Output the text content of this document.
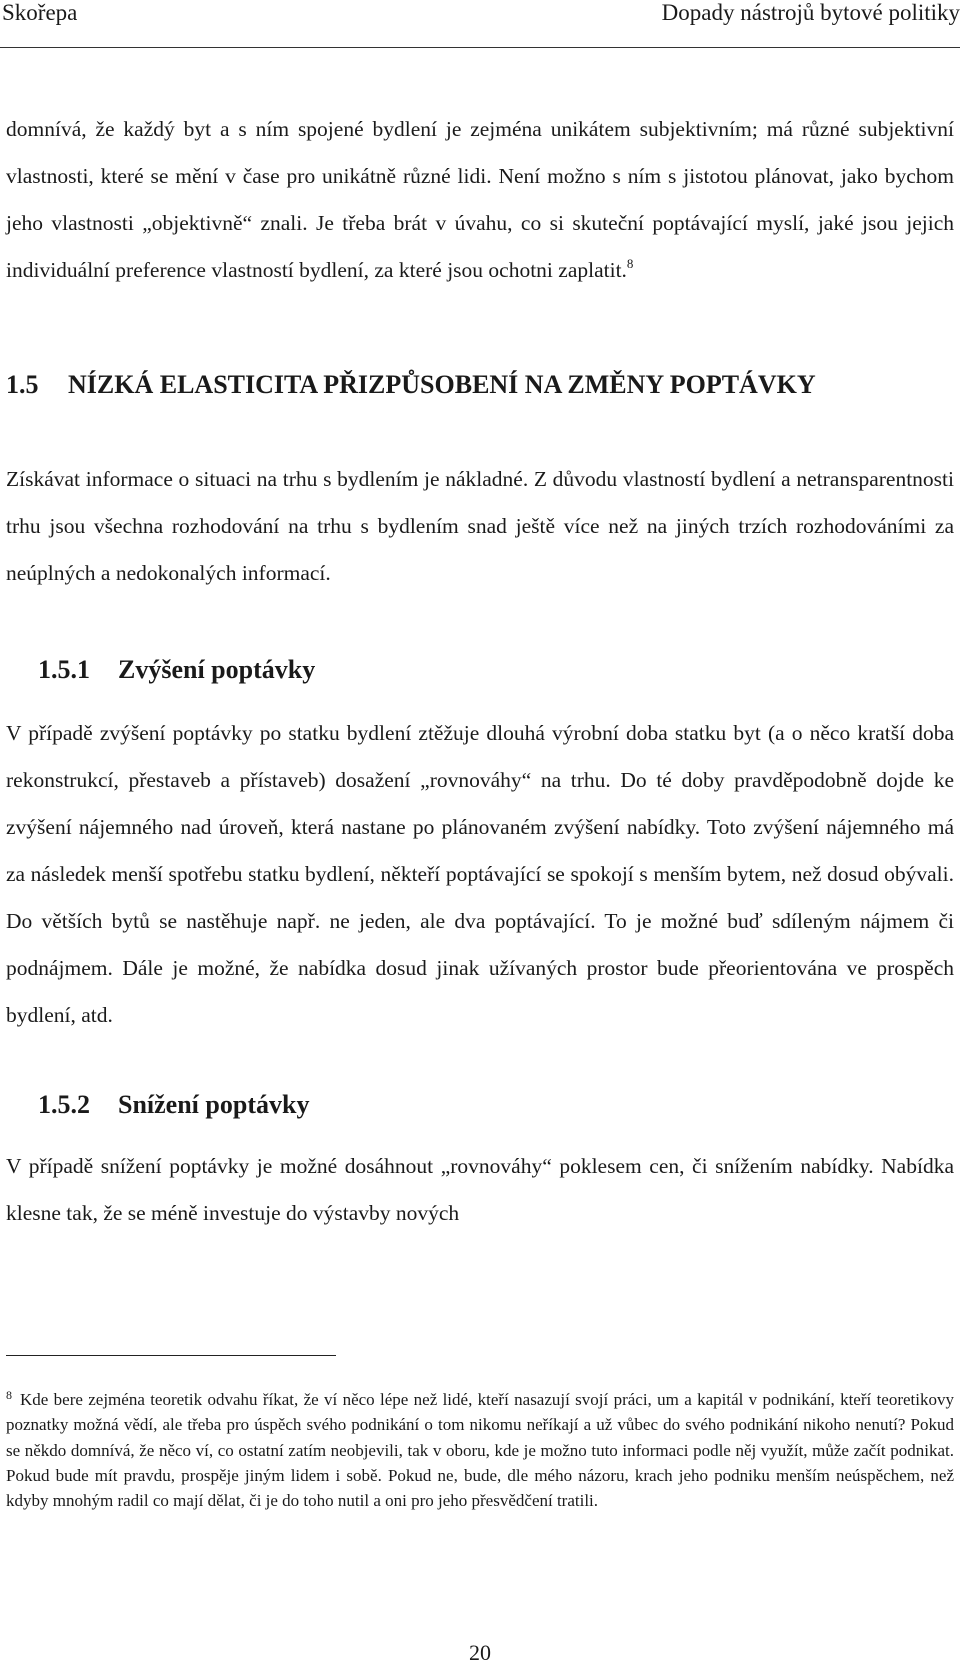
Skořepa	Dopady nástrojů bytové politiky

domnívá, že každý byt a s ním spojené bydlení je zejména unikátem subjektivním; má různé subjektivní vlastnosti, které se mění v čase pro unikátně různé lidi. Není možno s ním s jistotou plánovat, jako bychom jeho vlastnosti „objektivně“ znali. Je třeba brát v úvahu, co si skuteční poptávající myslí, jaké jsou jejich individuální preference vlastností bydlení, za které jsou ochotni zaplatit.$^8$

1.5 NÍZKÁ ELASTICITA PŘIZPŮSOBENÍ NA ZMĚNY POPTÁVKY

Získávat informace o situaci na trhu s bydlením je nákladné. Z důvodu vlastností bydlení a netransparentnosti trhu jsou všechna rozhodování na trhu s bydlením snad ještě více než na jiných trzích rozhodováními za neúplných a nedokonalých informací.

1.5.1 Zvýšení poptávky

V případě zvýšení poptávky po statku bydlení ztěžuje dlouhá výrobní doba statku byt (a o něco kratší doba rekonstrukcí, přestaveb a přístaveb) dosažení „rovnováhy“ na trhu. Do té doby pravděpodobně dojde ke zvýšení nájemného nad úroveň, která nastane po plánovaném zvýšení nabídky. Toto zvýšení nájemného má za následek menší spotřebu statku bydlení, někteří poptávající se spokojí s menším bytem, než dosud obývali. Do větších bytů se nastěhuje např. ne jeden, ale dva poptávající. To je možné buď sdíleným nájmem či podnájmem. Dále je možné, že nabídka dosud jinak užívaných prostor bude přeorientována ve prospěch bydlení, atd.

1.5.2 Snížení poptávky

V případě snížení poptávky je možné dosáhnout „rovnováhy“ poklesem cen, či snížením nabídky. Nabídka klesne tak, že se méně investuje do výstavby nových

$^8$ Kde bere zejména teoretik odvahu říkat, že ví něco lépe než lidé, kteří nasazují svojí práci, um a kapitál v podnikání, kteří teoretikovy poznatky možná vědí, ale třeba pro úspěch svého podnikání o tom nikomu neříkají a už vůbec do svého podnikání nikoho nenutí? Pokud se někdo domnívá, že něco ví, co ostatní zatím neobjevili, tak v oboru, kde je možno tuto informaci podle něj využít, může začít podnikat. Pokud bude mít pravdu, prospěje jiným lidem i sobě. Pokud ne, bude, dle mého názoru, krach jeho podniku menším neúspěchem, než kdyby mnohým radil co mají dělat, či je do toho nutil a oni pro jeho přesvědčení tratili.

20
